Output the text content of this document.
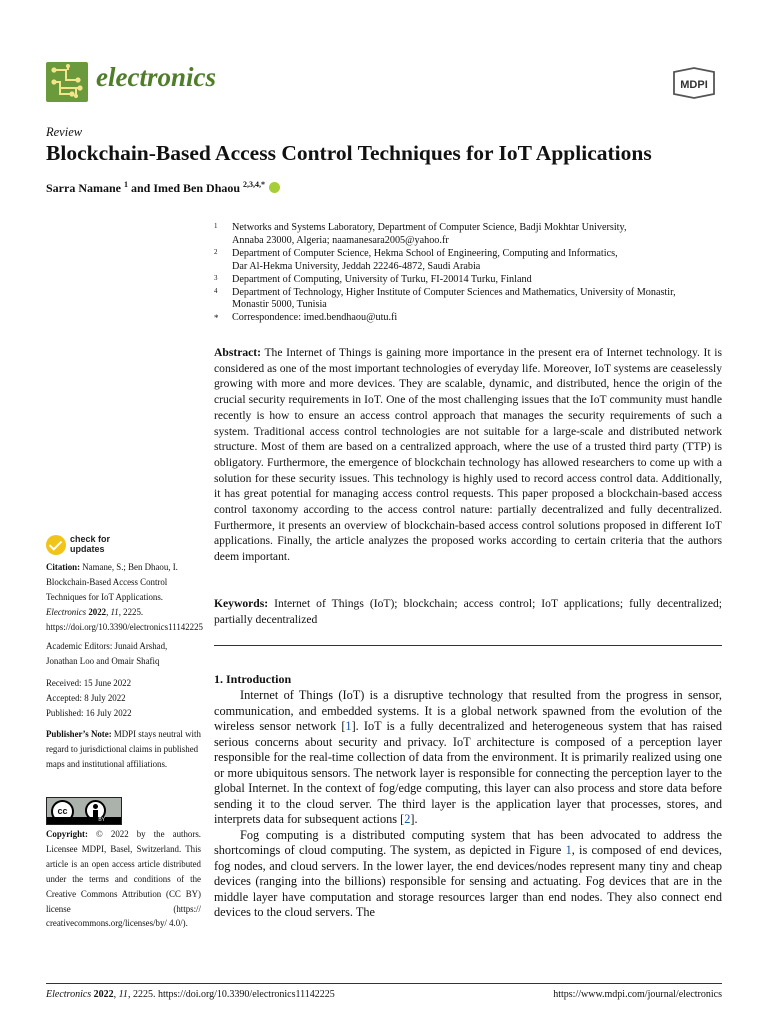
electronics	MDPI
Review
Blockchain-Based Access Control Techniques for IoT Applications
Sarra Namane $^1$ and Imed Ben Dhaou $^{2,3,4,*}$
1 Networks and Systems Laboratory, Department of Computer Science, Badji Mokhtar University,
Annaba 23000, Algeria; naamanesara2005@yahoo.fr
2 Department of Computer Science, Hekma School of Engineering, Computing and Informatics,
Dar Al-Hekma University, Jeddah 22246-4872, Saudi Arabia
3 Department of Computing, University of Turku, FI-20014 Turku, Finland
4 Department of Technology, Higher Institute of Computer Sciences and Mathematics, University of Monastir,
Monastir 5000, Tunisia
* Correspondence: imed.bendhaou@utu.fi
Abstract: The Internet of Things is gaining more importance in the present era of Internet technology. It is considered as one of the most important technologies of everyday life. Moreover, IoT systems are ceaselessly growing with more and more devices. They are scalable, dynamic, and distributed, hence the origin of the crucial security requirements in IoT. One of the most challenging issues that the IoT community must handle recently is how to ensure an access control approach that manages the security requirements of such a system. Traditional access control technologies are not suitable for a large-scale and distributed network structure. Most of them are based on a centralized approach, where the use of a trusted third party (TTP) is obligatory. Furthermore, the emergence of blockchain technology has allowed researchers to come up with a solution for these security issues. This technology is highly used to record access control data. Additionally, it has great potential for managing access control requests. This paper proposed a blockchain-based access control taxonomy according to the access control nature: partially decentralized and fully decentralized. Furthermore, it presents an overview of blockchain-based access control solutions proposed in different IoT applications. Finally, the article analyzes the proposed works according to certain criteria that the authors deem important.
Keywords: Internet of Things (IoT); blockchain; access control; IoT applications; fully decentralized; partially decentralized
1. Introduction

Internet of Things (IoT) is a disruptive technology that resulted from the progress in sensor, communication, and embedded systems. It is a global network spawned from the evolution of the wireless sensor network [1]. IoT is a fully decentralized and heterogeneous system that has raised serious concerns about security and privacy. IoT architecture is composed of a perception layer responsible for the real-time collection of data from the environment. It is primarily realized using one or more ubiquitous sensors. The network layer is responsible for connecting the perception layer to the global Internet. In the context of fog/edge computing, this layer can also process and store data before sending it to the cloud server. The third layer is the application layer that processes, stores, and interprets data for subsequent actions [2].

Fog computing is a distributed computing system that has been advocated to address the shortcomings of cloud computing. The system, as depicted in Figure 1, is composed of end devices, fog nodes, and cloud servers. In the lower layer, the end devices/nodes represent many tiny and cheap devices (ranging into the billions) responsible for sensing and actuating. Fog devices that are in the middle layer have computation and storage resources larger than end nodes. They also connect end devices to the cloud servers. The

check for
updates
Citation: Namane, S.; Ben Dhaou, I. Blockchain-Based Access Control Techniques for IoT Applications. Electronics 2022, 11, 2225. https://doi.org/10.3390/electronics11142225

Academic Editors: Junaid Arshad,

Jonathan Loo and Omair Shafiq

Received: 15 June 2022

Accepted: 8 July 2022

Published: 16 July 2022

Publisher’s Note: MDPI stays neutral with regard to jurisdictional claims in published maps and institutional affiliations.
cc
BY
Copyright: © 2022 by the authors. Licensee MDPI, Basel, Switzerland. This article is an open access article distributed under the terms and conditions of the Creative Commons Attribution (CC BY) license (https:// creativecommons.org/licenses/by/ 4.0/).
Electronics 2022, 11, 2225. https://doi.org/10.3390/electronics11142225	https://www.mdpi.com/journal/electronics
